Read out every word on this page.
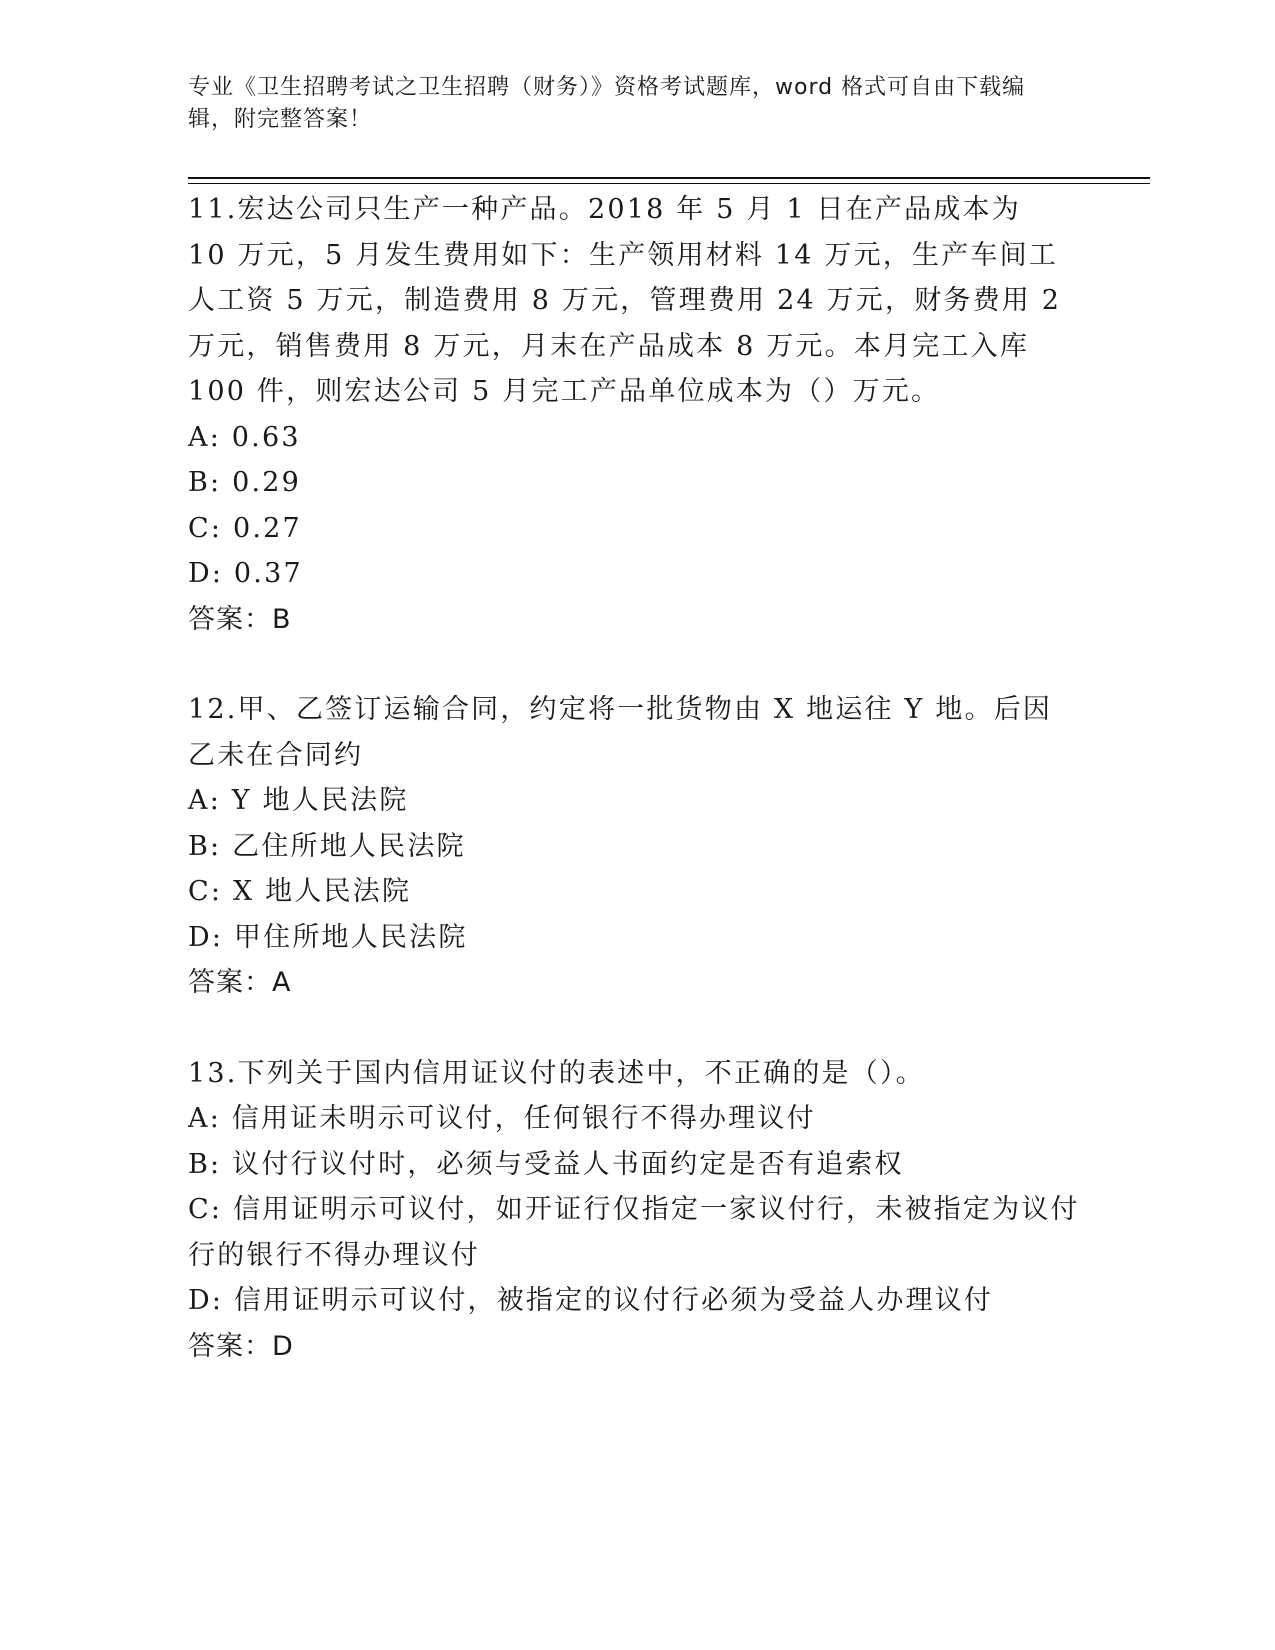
专业《卫生招聘考试之卫生招聘（财务）》资格考试题库，word 格式可自由下载编辑，附完整答案！
11.宏达公司只生产一种产品。2018 年 5 月 1 日在产品成本为 10 万元，5 月发生费用如下：生产领用材料 14 万元，生产车间工人工资 5 万元，制造费用 8 万元，管理费用 24 万元，财务费用 2 万元，销售费用 8 万元，月末在产品成本 8 万元。本月完工入库 100 件，则宏达公司 5 月完工产品单位成本为（）万元。
A: 0.63
B: 0.29
C: 0.27
D: 0.37
答案：B
12.甲、乙签订运输合同，约定将一批货物由 X 地运往 Y 地。后因乙未在合同约
A: Y 地人民法院
B: 乙住所地人民法院
C: X 地人民法院
D: 甲住所地人民法院
答案：A
13.下列关于国内信用证议付的表述中，不正确的是（）。
A: 信用证未明示可议付，任何银行不得办理议付
B: 议付行议付时，必须与受益人书面约定是否有追索权
C: 信用证明示可议付，如开证行仅指定一家议付行，未被指定为议付行的银行不得办理议付
D: 信用证明示可议付，被指定的议付行必须为受益人办理议付
答案：D
